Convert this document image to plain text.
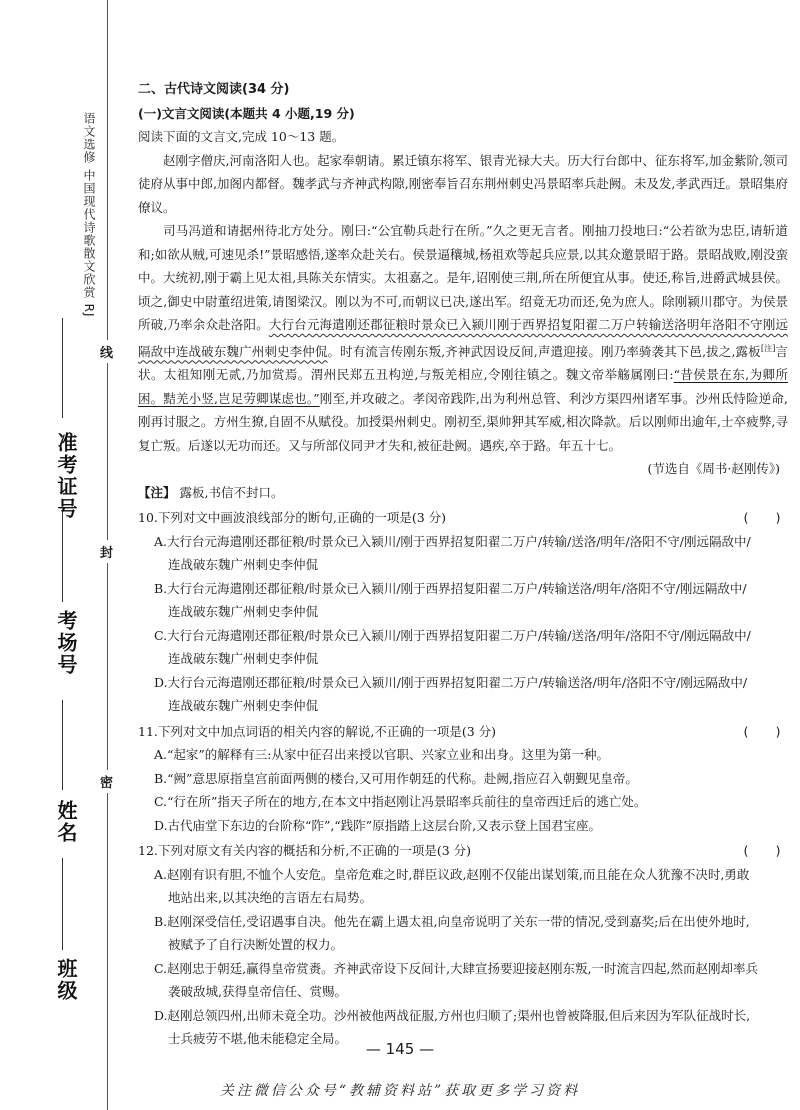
语文选修 中国现代诗歌散文欣赏 RJ
准考证号
考场号
姓名
班级
线
封
密

二、古代诗文阅读(34 分)

(一)文言文阅读(本题共 4 小题,19 分)

阅读下面的文言文,完成 10～13 题。

赵刚字僧庆,河南洛阳人也。起家奉朝请。累迁镇东将军、银青光禄大夫。历大行台郎中、征东将军,加金紫阶,领司徒府从事中郎,加阁内都督。魏孝武与齐神武构隙,刚密奉旨召东荆州刺史冯景昭率兵赴阙。未及发,孝武西迁。景昭集府僚议。

司马冯道和请据州待北方处分。刚曰:“公宜勒兵赴行在所。”久之更无言者。刚抽刀投地曰:“公若欲为忠臣,请斩道和;如欲从贼,可速见杀!”景昭感悟,遂率众赴关右。侯景逼穰城,杨祖欢等起兵应景,以其众邀景昭于路。景昭战败,刚没蛮中。大统初,刚于霸上见太祖,具陈关东情实。太祖嘉之。是年,诏刚使三荆,所在所便宜从事。使还,称旨,进爵武城县侯。顷之,御史中尉董绍进策,请图梁汉。刚以为不可,而朝议已决,遂出军。绍竟无功而还,免为庶人。除刚颍川郡守。为侯景所破,乃率余众赴洛阳。大行台元海遣刚还郡征粮时景众已入颍川刚于西界招复阳翟二万户转输送洛明年洛阳不守刚远隔敌中连战破东魏广州刺史李仲侃。时有流言传刚东叛,齐神武因设反间,声遣迎接。刚乃率骑袭其下邑,拔之,露板[注]言状。太祖知刚无贰,乃加赏焉。渭州民郑五丑构逆,与叛羌相应,令刚往镇之。魏文帝举觞属刚曰:“昔侯景在东,为卿所困。黠羌小竖,岂足劳卿谋虑也。”刚至,并攻破之。孝闵帝践阼,出为利州总管、利沙方渠四州诸军事。沙州氐恃险逆命,刚再讨服之。方州生獠,自固不从赋役。加授渠州刺史。刚初至,渠帅狎其军威,相次降款。后以刚师出逾年,士卒疲弊,寻复亡叛。后遂以无功而还。又与所部仪同尹才失和,被征赴阙。遇疾,卒于路。年五十七。

(节选自《周书·赵刚传》)

【注】 露板,书信不封口。

10.下列对文中画波浪线部分的断句,正确的一项是(3 分)	(　　)
A.大行台元海遣刚还郡征粮/时景众已入颍川/刚于西界招复阳翟二万户/转输/送洛/明年/洛阳不守/刚远隔敌中/
连战破东魏广州刺史李仲侃
B.大行台元海遣刚还郡征粮/时景众已入颍川/刚于西界招复阳翟二万户/转输送洛/明年/洛阳不守/刚远隔敌中/
连战破东魏广州刺史李仲侃
C.大行台元海遣刚还郡征粮/时景众已入颍川/刚于西界招复阳翟二万户/转输/送洛/明年/洛阳不守/刚远隔敌中/
连战破东魏广州刺史李仲侃
D.大行台元海遣刚还郡征粮/时景众已入颍川/刚于西界招复阳翟二万户/转输送洛/明年/洛阳不守/刚远隔敌中/
连战破东魏广州刺史李仲侃
11.下列对文中加点词语的相关内容的解说,不正确的一项是(3 分)	(　　)
A.“起家”的解释有三:从家中征召出来授以官职、兴家立业和出身。这里为第一种。
B.“阙”意思原指皇宫前面两侧的楼台,又可用作朝廷的代称。赴阙,指应召入朝觐见皇帝。
C.“行在所”指天子所在的地方,在本文中指赵刚让冯景昭率兵前往的皇帝西迁后的逃亡处。
D.古代庙堂下东边的台阶称“阼”,“践阼”原指踏上这层台阶,又表示登上国君宝座。
12.下列对原文有关内容的概括和分析,不正确的一项是(3 分)	(　　)
A.赵刚有识有胆,不恤个人安危。皇帝危难之时,群臣议政,赵刚不仅能出谋划策,而且能在众人犹豫不决时,勇敢
地站出来,以其决绝的言语左右局势。
B.赵刚深受信任,受诏遇事自决。他先在霸上遇太祖,向皇帝说明了关东一带的情况,受到嘉奖;后在出使外地时,
被赋予了自行决断处置的权力。
C.赵刚忠于朝廷,赢得皇帝赏赉。齐神武帝设下反间计,大肆宣扬要迎接赵刚东叛,一时流言四起,然而赵刚却率兵
袭破敌城,获得皇帝信任、赏赐。
D.赵刚总领四州,出师未竟全功。沙州被他两战征服,方州也归顺了;渠州也曾被降服,但后来因为军队征战时长,
士兵疲劳不堪,他未能稳定全局。
— 145 —
关注微信公众号“教辅资料站”获取更多学习资料
